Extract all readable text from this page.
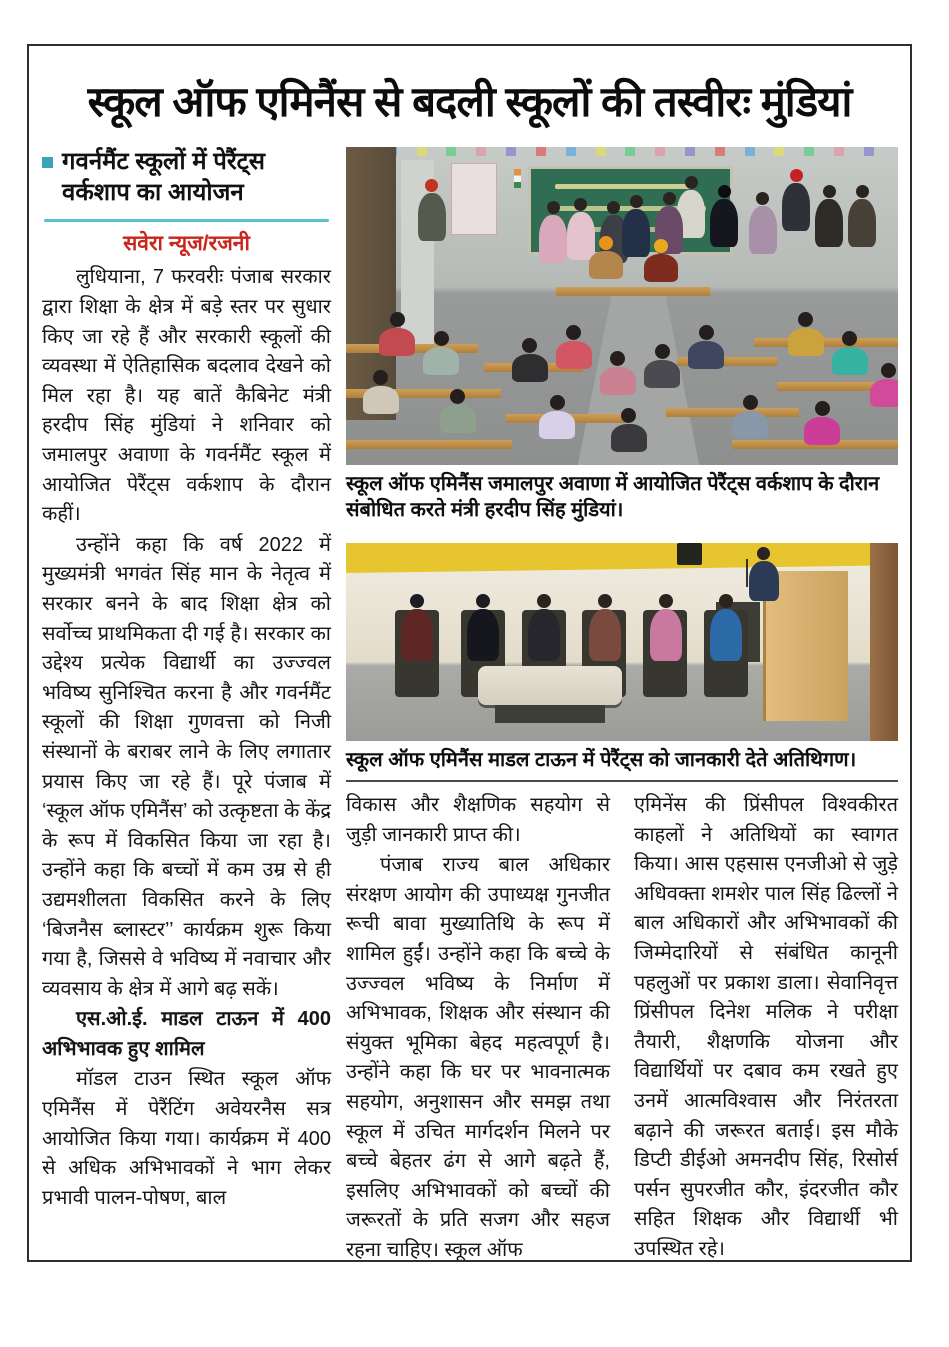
स्कूल ऑफ एमिनैंस से बदली स्कूलों की तस्वीरः मुंडियां
गवर्नमैंट स्कूलों में पेरैंट्स वर्कशाप का आयोजन
सवेरा न्यूज/रजनी

लुधियाना, 7 फरवरीः पंजाब सरकार द्वारा शिक्षा के क्षेत्र में बड़े स्तर पर सुधार किए जा रहे हैं और सरकारी स्कूलों की व्यवस्था में ऐतिहासिक बदलाव देखने को मिल रहा है। यह बातें कैबिनेट मंत्री हरदीप सिंह मुंडियां ने शनिवार को जमालपुर अवाणा के गवर्नमैंट स्कूल में आयोजित पेरैंट्स वर्कशाप के दौरान कहीं।

उन्होंने कहा कि वर्ष 2022 में मुख्यमंत्री भगवंत सिंह मान के नेतृत्व में सरकार बनने के बाद शिक्षा क्षेत्र को सर्वोच्च प्राथमिकता दी गई है। सरकार का उद्देश्य प्रत्येक विद्यार्थी का उज्ज्वल भविष्य सुनिश्चित करना है और गवर्नमैंट स्कूलों की शिक्षा गुणवत्ता को निजी संस्थानों के बराबर लाने के लिए लगातार प्रयास किए जा रहे हैं। पूरे पंजाब में ‘स्कूल ऑफ एमिनैंस’ को उत्कृष्टता के केंद्र के रूप में विकसित किया जा रहा है। उन्होंने कहा कि बच्चों में कम उम्र से ही उद्यमशीलता विकसित करने के लिए ‘बिजनैस ब्लास्टर’’ कार्यक्रम शुरू किया गया है, जिससे वे भविष्य में नवाचार और व्यवसाय के क्षेत्र में आगे बढ़ सकें।

एस.ओ.ई. माडल टाऊन में 400 अभिभावक हुए शामिल

मॉडल टाउन स्थित स्कूल ऑफ एमिनैंस में पेरैंटिंग अवेयरनैस सत्र आयोजित किया गया। कार्यक्रम में 400 से अधिक अभिभावकों ने भाग लेकर प्रभावी पालन-पोषण, बाल

स्कूल ऑफ एमिनैंस जमालपुर अवाणा में आयोजित पेरैंट्स वर्कशाप के दौरान संबोधित करते मंत्री हरदीप सिंह मुंडियां।
स्कूल ऑफ एमिनैंस माडल टाऊन में पेरैंट्स को जानकारी देते अतिथिगण।

विकास और शैक्षणिक सहयोग से जुड़ी जानकारी प्राप्त की।

पंजाब राज्य बाल अधिकार संरक्षण आयोग की उपाध्यक्ष गुनजीत रूची बावा मुख्यातिथि के रूप में शामिल हुईं। उन्होंने कहा कि बच्चे के उज्ज्वल भविष्य के निर्माण में अभिभावक, शिक्षक और संस्थान की संयुक्त भूमिका बेहद महत्वपूर्ण है। उन्होंने कहा कि घर पर भावनात्मक सहयोग, अनुशासन और समझ तथा स्कूल में उचित मार्गदर्शन मिलने पर बच्चे बेहतर ढंग से आगे बढ़ते हैं, इसलिए अभिभावकों को बच्चों की जरूरतों के प्रति सजग और सहज रहना चाहिए। स्कूल ऑफ

एमिनेंस की प्रिंसीपल विश्वकीरत काहलों ने अतिथियों का स्वागत किया। आस एहसास एनजीओ से जुड़े अधिवक्ता शमशेर पाल सिंह ढिल्लों ने बाल अधिकारों और अभिभावकों की जिम्मेदारियों से संबंधित कानूनी पहलुओं पर प्रकाश डाला। सेवानिवृत्त प्रिंसीपल दिनेश मलिक ने परीक्षा तैयारी, शैक्षणकि योजना और विद्यार्थियों पर दबाव कम रखते हुए उनमें आत्मविश्वास और निरंतरता बढ़ाने की जरूरत बताई। इस मौके डिप्टी डीईओ अमनदीप सिंह, रिसोर्स पर्सन सुपरजीत कौर, इंदरजीत कौर सहित शिक्षक और विद्यार्थी भी उपस्थित रहे।
